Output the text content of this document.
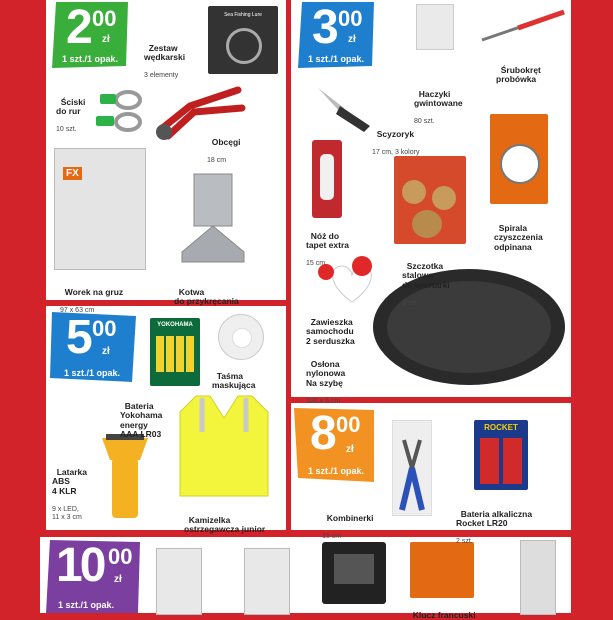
2 00
zł
1 szt./1 opak.
3 00
zł
1 szt./1 opak.
5 00
zł
1 szt./1 opak.
8 00
zł
1 szt./1 opak.
10 00
zł
1 szt./1 opak.
Sea Fishing Lure
FX
YOKOHAMA
ROCKET

Zestaw
wędkarski

3 elementy

Ściski
do rur

10 szt.

Obcęgi

18 cm

Worek na gruz

97 x 63 cm

Kotwa
do przykręcania

Haczyki
gwintowane

80 szt.

Śrubokręt
probówka

Scyzoryk

17 cm, 3 kolory

Nóż do
tapet extra

15 cm	Szczotka
stalowa
do wiertarki

3 szt.

Spirala
czyszczenia
odpinana

Zawieszka
samochodu
2 serduszka

Osłona
nylonowa
Na szybę

100 x 5 cm

Taśma
maskująca

Bateria
Yokohama
energy
AAA LR03

Latarka
ABS
4 KLR

9 x LED,
11 x 3 cm	Kamizelka
ostrzegawcza junior

Kombinerki

15 cm

Bateria alkaliczna
Rocket LR20

2 szt.

Klucz francuski
